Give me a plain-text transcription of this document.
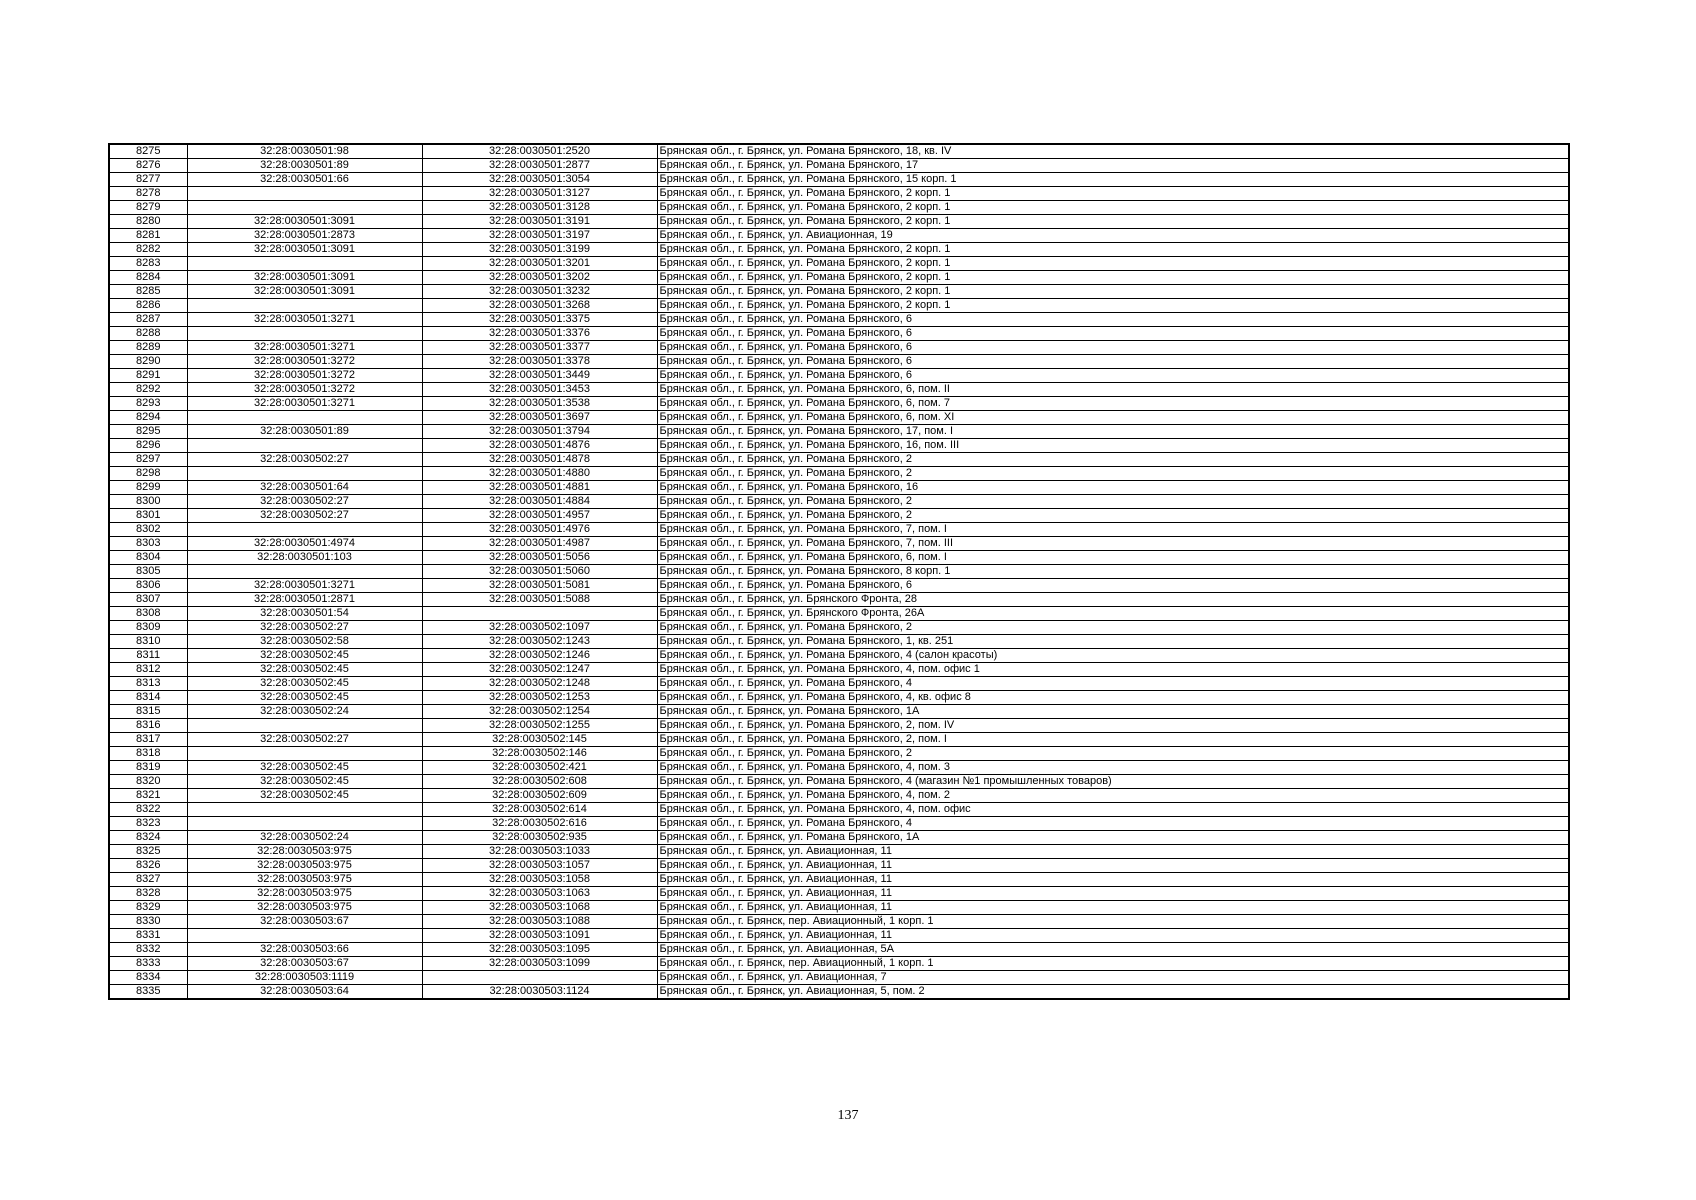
8275	32:28:0030501:98	32:28:0030501:2520	Брянская обл., г. Брянск, ул. Романа Брянского, 18, кв. IV
8276	32:28:0030501:89	32:28:0030501:2877	Брянская обл., г. Брянск, ул. Романа Брянского, 17
8277	32:28:0030501:66	32:28:0030501:3054	Брянская обл., г. Брянск, ул. Романа Брянского, 15 корп. 1
8278		32:28:0030501:3127	Брянская обл., г. Брянск, ул. Романа Брянского, 2 корп. 1
8279		32:28:0030501:3128	Брянская обл., г. Брянск, ул. Романа Брянского, 2 корп. 1
8280	32:28:0030501:3091	32:28:0030501:3191	Брянская обл., г. Брянск, ул. Романа Брянского, 2 корп. 1
8281	32:28:0030501:2873	32:28:0030501:3197	Брянская обл., г. Брянск, ул. Авиационная, 19
8282	32:28:0030501:3091	32:28:0030501:3199	Брянская обл., г. Брянск, ул. Романа Брянского, 2 корп. 1
8283		32:28:0030501:3201	Брянская обл., г. Брянск, ул. Романа Брянского, 2 корп. 1
8284	32:28:0030501:3091	32:28:0030501:3202	Брянская обл., г. Брянск, ул. Романа Брянского, 2 корп. 1
8285	32:28:0030501:3091	32:28:0030501:3232	Брянская обл., г. Брянск, ул. Романа Брянского, 2 корп. 1
8286		32:28:0030501:3268	Брянская обл., г. Брянск, ул. Романа Брянского, 2 корп. 1
8287	32:28:0030501:3271	32:28:0030501:3375	Брянская обл., г. Брянск, ул. Романа Брянского, 6
8288		32:28:0030501:3376	Брянская обл., г. Брянск, ул. Романа Брянского, 6
8289	32:28:0030501:3271	32:28:0030501:3377	Брянская обл., г. Брянск, ул. Романа Брянского, 6
8290	32:28:0030501:3272	32:28:0030501:3378	Брянская обл., г. Брянск, ул. Романа Брянского, 6
8291	32:28:0030501:3272	32:28:0030501:3449	Брянская обл., г. Брянск, ул. Романа Брянского, 6
8292	32:28:0030501:3272	32:28:0030501:3453	Брянская обл., г. Брянск, ул. Романа Брянского, 6, пом. II
8293	32:28:0030501:3271	32:28:0030501:3538	Брянская обл., г. Брянск, ул. Романа Брянского, 6, пом. 7
8294		32:28:0030501:3697	Брянская обл., г. Брянск, ул. Романа Брянского, 6, пом. XI
8295	32:28:0030501:89	32:28:0030501:3794	Брянская обл., г. Брянск, ул. Романа Брянского, 17, пом. I
8296		32:28:0030501:4876	Брянская обл., г. Брянск, ул. Романа Брянского, 16, пом. III
8297	32:28:0030502:27	32:28:0030501:4878	Брянская обл., г. Брянск, ул. Романа Брянского, 2
8298		32:28:0030501:4880	Брянская обл., г. Брянск, ул. Романа Брянского, 2
8299	32:28:0030501:64	32:28:0030501:4881	Брянская обл., г. Брянск, ул. Романа Брянского, 16
8300	32:28:0030502:27	32:28:0030501:4884	Брянская обл., г. Брянск, ул. Романа Брянского, 2
8301	32:28:0030502:27	32:28:0030501:4957	Брянская обл., г. Брянск, ул. Романа Брянского, 2
8302		32:28:0030501:4976	Брянская обл., г. Брянск, ул. Романа Брянского, 7, пом. I
8303	32:28:0030501:4974	32:28:0030501:4987	Брянская обл., г. Брянск, ул. Романа Брянского, 7, пом. III
8304	32:28:0030501:103	32:28:0030501:5056	Брянская обл., г. Брянск, ул. Романа Брянского, 6, пом. I
8305		32:28:0030501:5060	Брянская обл., г. Брянск, ул. Романа Брянского, 8 корп. 1
8306	32:28:0030501:3271	32:28:0030501:5081	Брянская обл., г. Брянск, ул. Романа Брянского, 6
8307	32:28:0030501:2871	32:28:0030501:5088	Брянская обл., г. Брянск, ул. Брянского Фронта, 28
8308	32:28:0030501:54		Брянская обл., г. Брянск, ул. Брянского Фронта, 26А
8309	32:28:0030502:27	32:28:0030502:1097	Брянская обл., г. Брянск, ул. Романа Брянского, 2
8310	32:28:0030502:58	32:28:0030502:1243	Брянская обл., г. Брянск, ул. Романа Брянского, 1, кв. 251
8311	32:28:0030502:45	32:28:0030502:1246	Брянская обл., г. Брянск, ул. Романа Брянского, 4 (салон красоты)
8312	32:28:0030502:45	32:28:0030502:1247	Брянская обл., г. Брянск, ул. Романа Брянского, 4, пом. офис 1
8313	32:28:0030502:45	32:28:0030502:1248	Брянская обл., г. Брянск, ул. Романа Брянского, 4
8314	32:28:0030502:45	32:28:0030502:1253	Брянская обл., г. Брянск, ул. Романа Брянского, 4, кв. офис 8
8315	32:28:0030502:24	32:28:0030502:1254	Брянская обл., г. Брянск, ул. Романа Брянского, 1А
8316		32:28:0030502:1255	Брянская обл., г. Брянск, ул. Романа Брянского, 2, пом. IV
8317	32:28:0030502:27	32:28:0030502:145	Брянская обл., г. Брянск, ул. Романа Брянского, 2, пом. I
8318		32:28:0030502:146	Брянская обл., г. Брянск, ул. Романа Брянского, 2
8319	32:28:0030502:45	32:28:0030502:421	Брянская обл., г. Брянск, ул. Романа Брянского, 4, пом. 3
8320	32:28:0030502:45	32:28:0030502:608	Брянская обл., г. Брянск, ул. Романа Брянского, 4 (магазин №1 промышленных товаров)
8321	32:28:0030502:45	32:28:0030502:609	Брянская обл., г. Брянск, ул. Романа Брянского, 4, пом. 2
8322		32:28:0030502:614	Брянская обл., г. Брянск, ул. Романа Брянского, 4, пом. офис
8323		32:28:0030502:616	Брянская обл., г. Брянск, ул. Романа Брянского, 4
8324	32:28:0030502:24	32:28:0030502:935	Брянская обл., г. Брянск, ул. Романа Брянского, 1А
8325	32:28:0030503:975	32:28:0030503:1033	Брянская обл., г. Брянск, ул. Авиационная, 11
8326	32:28:0030503:975	32:28:0030503:1057	Брянская обл., г. Брянск, ул. Авиационная, 11
8327	32:28:0030503:975	32:28:0030503:1058	Брянская обл., г. Брянск, ул. Авиационная, 11
8328	32:28:0030503:975	32:28:0030503:1063	Брянская обл., г. Брянск, ул. Авиационная, 11
8329	32:28:0030503:975	32:28:0030503:1068	Брянская обл., г. Брянск, ул. Авиационная, 11
8330	32:28:0030503:67	32:28:0030503:1088	Брянская обл., г. Брянск, пер. Авиационный, 1 корп. 1
8331		32:28:0030503:1091	Брянская обл., г. Брянск, ул. Авиационная, 11
8332	32:28:0030503:66	32:28:0030503:1095	Брянская обл., г. Брянск, ул. Авиационная, 5А
8333	32:28:0030503:67	32:28:0030503:1099	Брянская обл., г. Брянск, пер. Авиационный, 1 корп. 1
8334	32:28:0030503:1119		Брянская обл., г. Брянск, ул. Авиационная, 7
8335	32:28:0030503:64	32:28:0030503:1124	Брянская обл., г. Брянск, ул. Авиационная, 5, пом. 2
137
